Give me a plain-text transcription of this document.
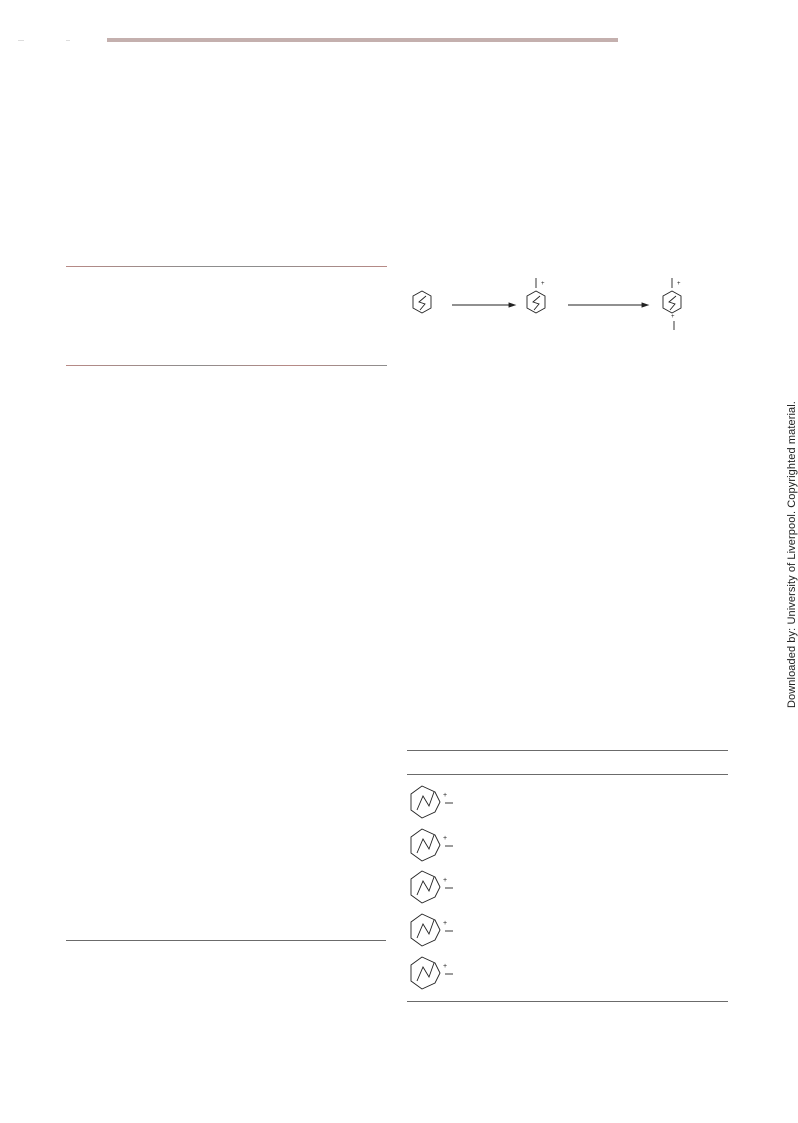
+	+
+
+
+
+
+
+
Downloaded by: University of Liverpool. Copyrighted material.
